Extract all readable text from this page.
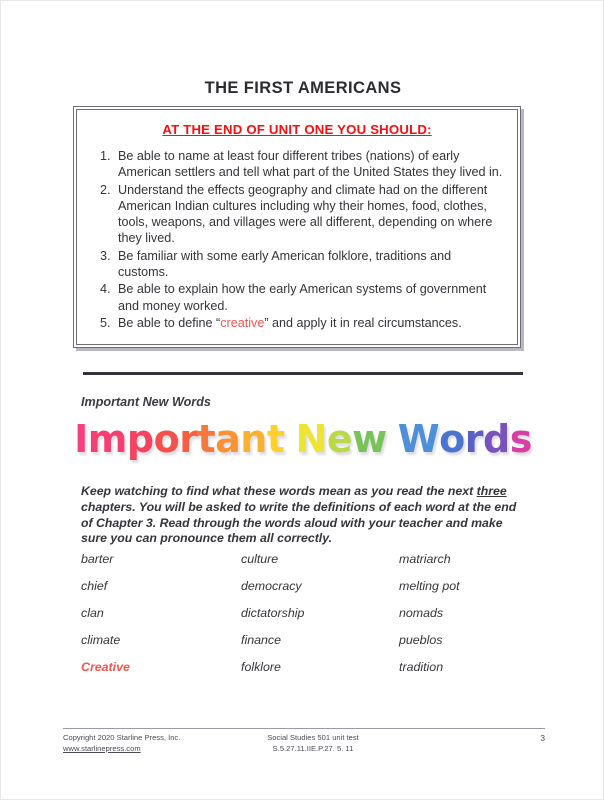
THE FIRST AMERICANS
AT THE END OF UNIT ONE YOU SHOULD:
1. Be able to name at least four different tribes (nations) of early American settlers and tell what part of the United States they lived in.
2. Understand the effects geography and climate had on the different American Indian cultures including why their homes, food, clothes, tools, weapons, and villages were all different, depending on where they lived.
3. Be familiar with some early American folklore, traditions and customs.
4. Be able to explain how the early American systems of government and money worked.
5. Be able to define “creative” and apply it in real circumstances.
Important New Words
Important New Words
Keep watching to find what these words mean as you read the next three chapters. You will be asked to write the definitions of each word at the end of Chapter 3. Read through the words aloud with your teacher and make sure you can pronounce them all correctly.
barter	culture	matriarch
chief	democracy	melting pot
clan	dictatorship	nomads
climate	finance	pueblos
Creative	folklore	tradition
Copyright 2020 Starline Press, Inc.
www.starlinepress.com
Social Studies 501 unit test
S.5.27.11.IIE.P.27. 5. 11
3
